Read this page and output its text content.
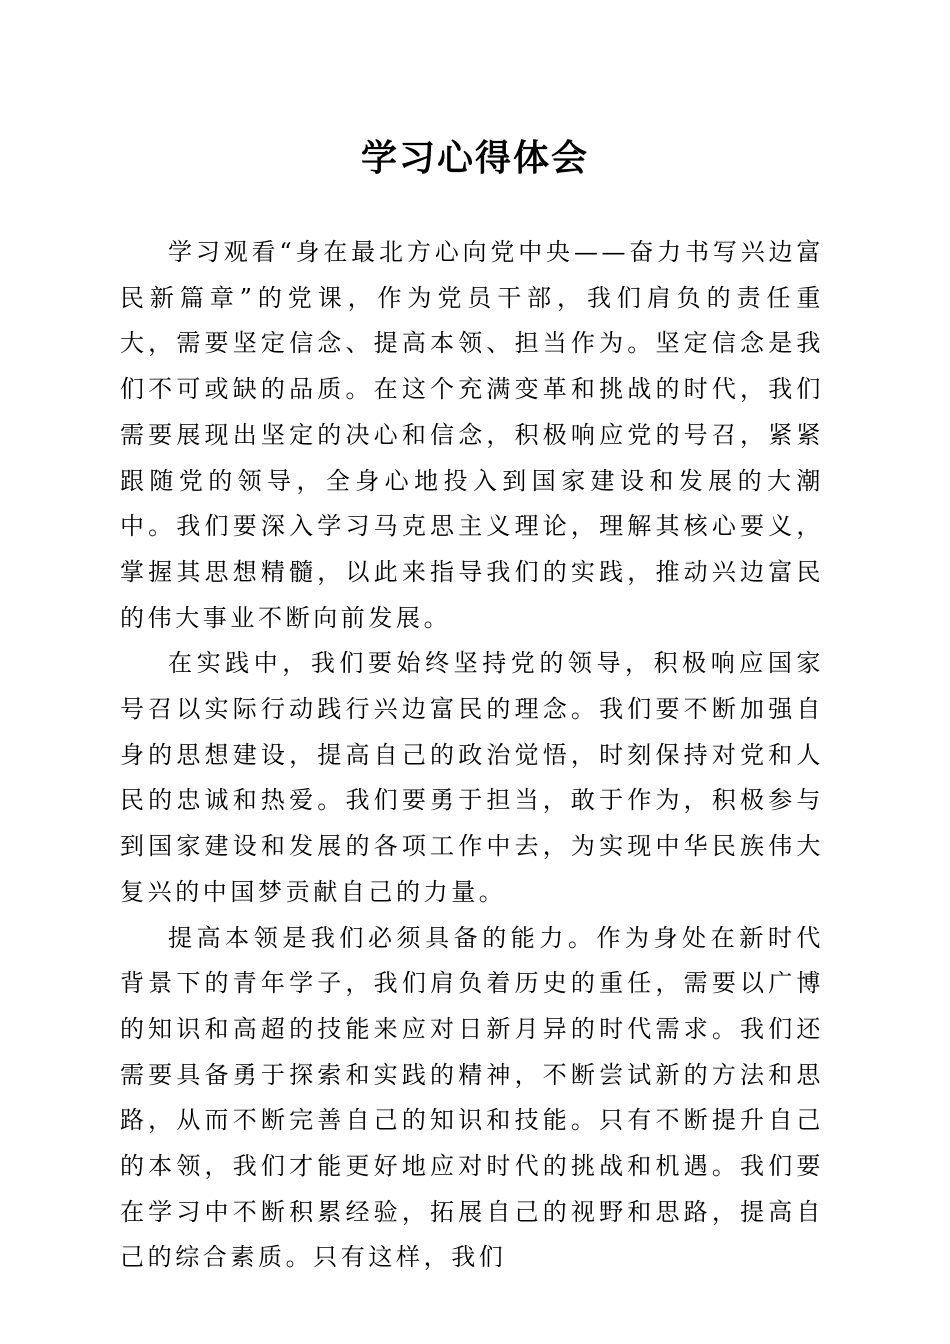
学习心得体会

学习观看“身在最北方心向党中央——奋力书写兴边富民新篇章”的党课，作为党员干部，我们肩负的责任重大，需要坚定信念、提高本领、担当作为。坚定信念是我们不可或缺的品质。在这个充满变革和挑战的时代，我们需要展现出坚定的决心和信念，积极响应党的号召，紧紧跟随党的领导，全身心地投入到国家建设和发展的大潮中。我们要深入学习马克思主义理论，理解其核心要义，掌握其思想精髓，以此来指导我们的实践，推动兴边富民的伟大事业不断向前发展。

在实践中，我们要始终坚持党的领导，积极响应国家号召以实际行动践行兴边富民的理念。我们要不断加强自身的思想建设，提高自己的政治觉悟，时刻保持对党和人民的忠诚和热爱。我们要勇于担当，敢于作为，积极参与到国家建设和发展的各项工作中去，为实现中华民族伟大复兴的中国梦贡献自己的力量。

提高本领是我们必须具备的能力。作为身处在新时代背景下的青年学子，我们肩负着历史的重任，需要以广博的知识和高超的技能来应对日新月异的时代需求。我们还需要具备勇于探索和实践的精神，不断尝试新的方法和思路，从而不断完善自己的知识和技能。只有不断提升自己的本领，我们才能更好地应对时代的挑战和机遇。我们要在学习中不断积累经验，拓展自己的视野和思路，提高自己的综合素质。只有这样，我们
